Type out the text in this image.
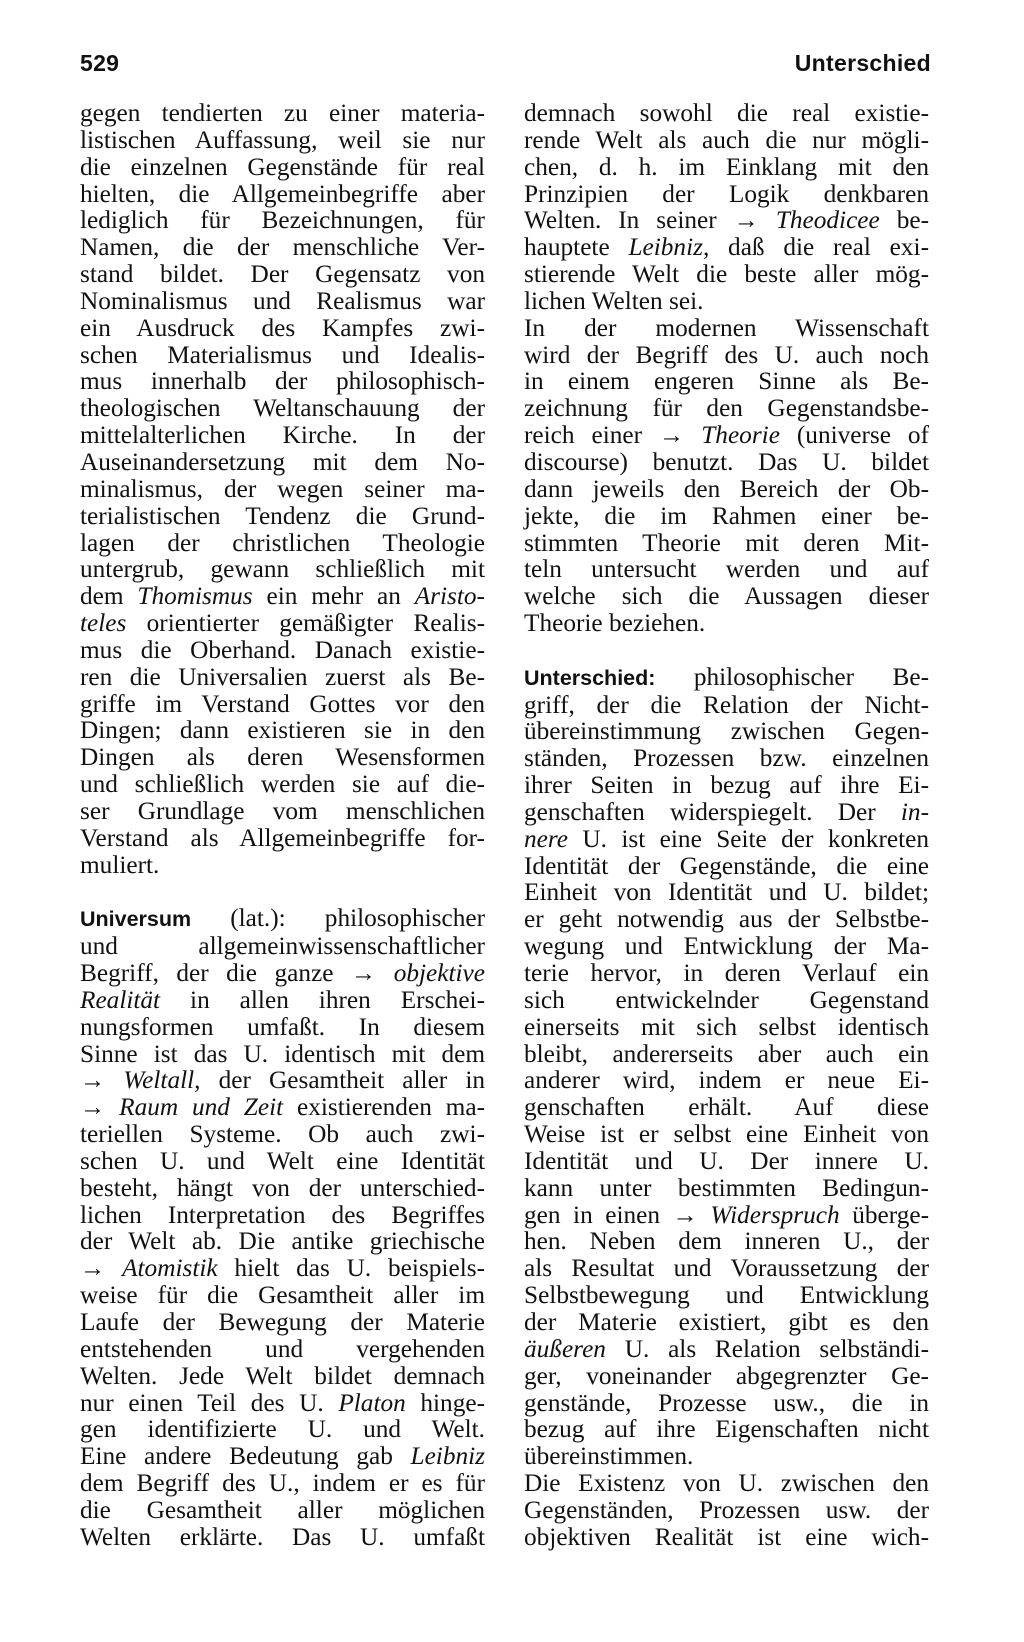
529	Unterschied
gegen tendierten zu einer materia-
listischen Auffassung, weil sie nur
die einzelnen Gegenstände für real
hielten, die Allgemeinbegriffe aber
lediglich für Bezeichnungen, für
Namen, die der menschliche Ver-
stand bildet. Der Gegensatz von
Nominalismus und Realismus war
ein Ausdruck des Kampfes zwi-
schen Materialismus und Idealis-
mus innerhalb der philosophisch-
theologischen Weltanschauung der
mittelalterlichen Kirche. In der
Auseinandersetzung mit dem No-
minalismus, der wegen seiner ma-
terialistischen Tendenz die Grund-
lagen der christlichen Theologie
untergrub, gewann schließlich mit
dem Thomismus ein mehr an Aristo-
teles orientierter gemäßigter Realis-
mus die Oberhand. Danach existie-
ren die Universalien zuerst als Be-
griffe im Verstand Gottes vor den
Dingen; dann existieren sie in den
Dingen als deren Wesensformen
und schließlich werden sie auf die-
ser Grundlage vom menschlichen
Verstand als Allgemeinbegriffe for-
muliert.
Universum (lat.): philosophischer
und allgemeinwissenschaftlicher
Begriff, der die ganze → objektive
Realität in allen ihren Erschei-
nungsformen umfaßt. In diesem
Sinne ist das U. identisch mit dem
→ Weltall, der Gesamtheit aller in
→ Raum und Zeit existierenden ma-
teriellen Systeme. Ob auch zwi-
schen U. und Welt eine Identität
besteht, hängt von der unterschied-
lichen Interpretation des Begriffes
der Welt ab. Die antike griechische
→ Atomistik hielt das U. beispiels-
weise für die Gesamtheit aller im
Laufe der Bewegung der Materie
entstehenden und vergehenden
Welten. Jede Welt bildet demnach
nur einen Teil des U. Platon hinge-
gen identifizierte U. und Welt.
Eine andere Bedeutung gab Leibniz
dem Begriff des U., indem er es für
die Gesamtheit aller möglichen
Welten erklärte. Das U. umfaßt
demnach sowohl die real existie-
rende Welt als auch die nur mögli-
chen, d. h. im Einklang mit den
Prinzipien der Logik denkbaren
Welten. In seiner → Theodicee be-
hauptete Leibniz, daß die real exi-
stierende Welt die beste aller mög-
lichen Welten sei.
In der modernen Wissenschaft
wird der Begriff des U. auch noch
in einem engeren Sinne als Be-
zeichnung für den Gegenstandsbe-
reich einer → Theorie (universe of
discourse) benutzt. Das U. bildet
dann jeweils den Bereich der Ob-
jekte, die im Rahmen einer be-
stimmten Theorie mit deren Mit-
teln untersucht werden und auf
welche sich die Aussagen dieser
Theorie beziehen.
Unterschied: philosophischer Be-
griff, der die Relation der Nicht-
übereinstimmung zwischen Gegen-
ständen, Prozessen bzw. einzelnen
ihrer Seiten in bezug auf ihre Ei-
genschaften widerspiegelt. Der in-
nere U. ist eine Seite der konkreten
Identität der Gegenstände, die eine
Einheit von Identität und U. bildet;
er geht notwendig aus der Selbstbe-
wegung und Entwicklung der Ma-
terie hervor, in deren Verlauf ein
sich entwickelnder Gegenstand
einerseits mit sich selbst identisch
bleibt, andererseits aber auch ein
anderer wird, indem er neue Ei-
genschaften erhält. Auf diese
Weise ist er selbst eine Einheit von
Identität und U. Der innere U.
kann unter bestimmten Bedingun-
gen in einen → Widerspruch überge-
hen. Neben dem inneren U., der
als Resultat und Voraussetzung der
Selbstbewegung und Entwicklung
der Materie existiert, gibt es den
äußeren U. als Relation selbständi-
ger, voneinander abgegrenzter Ge-
genstände, Prozesse usw., die in
bezug auf ihre Eigenschaften nicht
übereinstimmen.
Die Existenz von U. zwischen den
Gegenständen, Prozessen usw. der
objektiven Realität ist eine wich-
